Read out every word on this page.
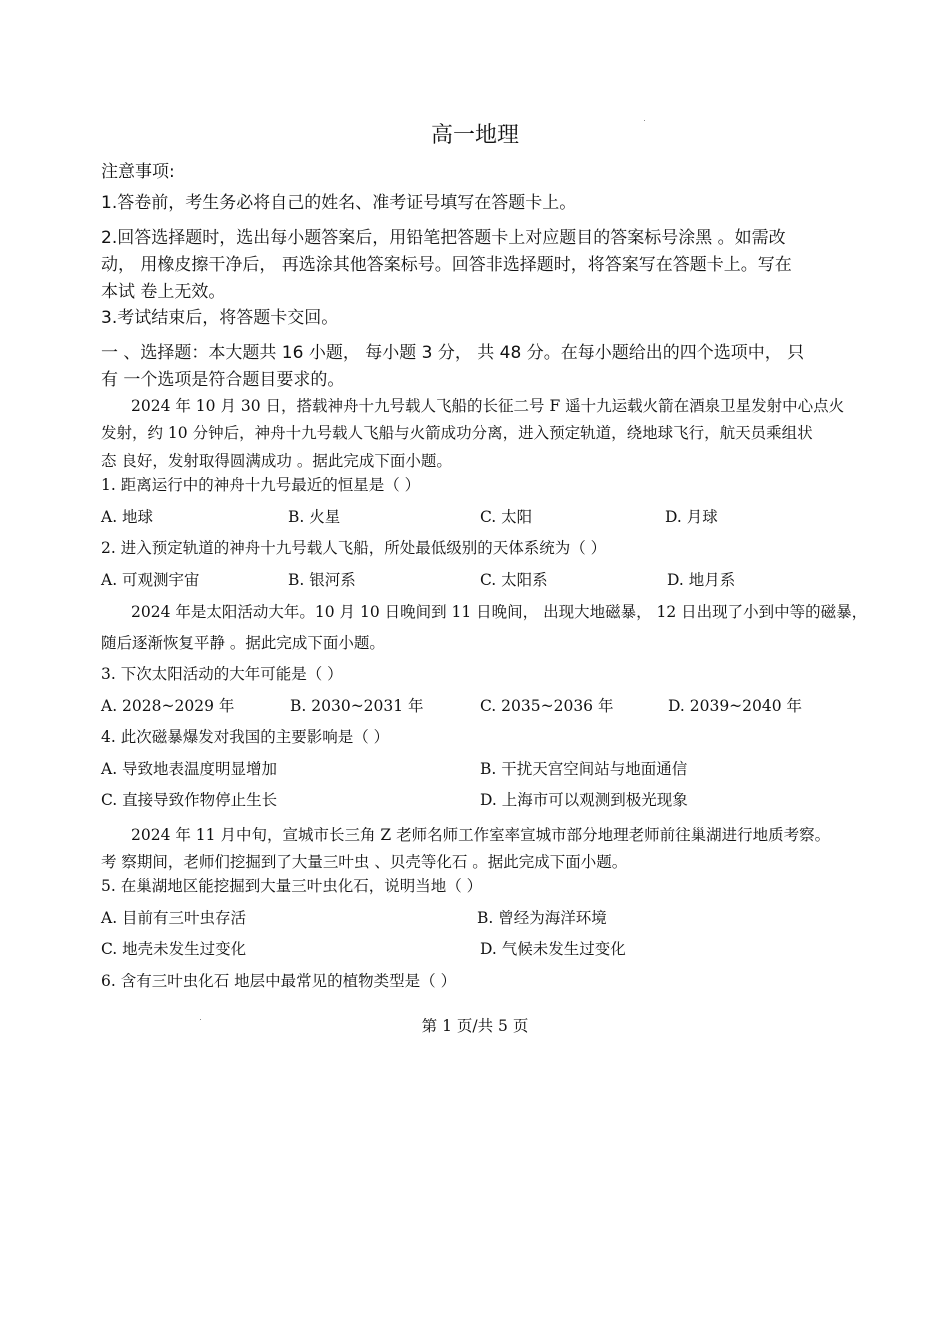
高一地理
注意事项:
1.答卷前，考生务必将自己的姓名、准考证号填写在答题卡上。
2.回答选择题时，选出每小题答案后，用铅笔把答题卡上对应题目的答案标号涂黑 。如需改
动， 用橡皮擦干净后， 再选涂其他答案标号。回答非选择题时，将答案写在答题卡上。写在
本试 卷上无效。
3.考试结束后，将答题卡交回。
一 、选择题：本大题共 16 小题， 每小题 3 分， 共 48 分。在每小题给出的四个选项中， 只
有 一个选项是符合题目要求的。
2024 年 10 月 30 日，搭载神舟十九号载人飞船的长征二号 F 遥十九运载火箭在酒泉卫星发射中心点火
发射，约 10 分钟后，神舟十九号载人飞船与火箭成功分离，进入预定轨道，绕地球飞行，航天员乘组状
态 良好，发射取得圆满成功 。据此完成下面小题。
1. 距离运行中的神舟十九号最近的恒星是（ ）
A. 地球	B. 火星	C. 太阳	D. 月球
2. 进入预定轨道的神舟十九号载人飞船，所处最低级别的天体系统为（ ）
A. 可观测宇宙	B. 银河系	C. 太阳系	D. 地月系
2024 年是太阳活动大年。10 月 10 日晚间到 11 日晚间， 出现大地磁暴， 12 日出现了小到中等的磁暴，
随后逐渐恢复平静 。据此完成下面小题。
3. 下次太阳活动的大年可能是（ ）
A. 2028~2029 年	B. 2030~2031 年	C. 2035~2036 年	D. 2039~2040 年
4. 此次磁暴爆发对我国的主要影响是（ ）
A. 导致地表温度明显增加	B. 干扰天宫空间站与地面通信
C. 直接导致作物停止生长	D. 上海市可以观测到极光现象
2024 年 11 月中旬，宣城市长三角 Z 老师名师工作室率宣城市部分地理老师前往巢湖进行地质考察。
考 察期间，老师们挖掘到了大量三叶虫 、贝壳等化石 。据此完成下面小题。
5. 在巢湖地区能挖掘到大量三叶虫化石，说明当地（ ）
A. 目前有三叶虫存活	B. 曾经为海洋环境
C. 地壳未发生过变化	D. 气候未发生过变化
6. 含有三叶虫化石 地层中最常见的植物类型是（ ）
第 1 页/共 5 页
